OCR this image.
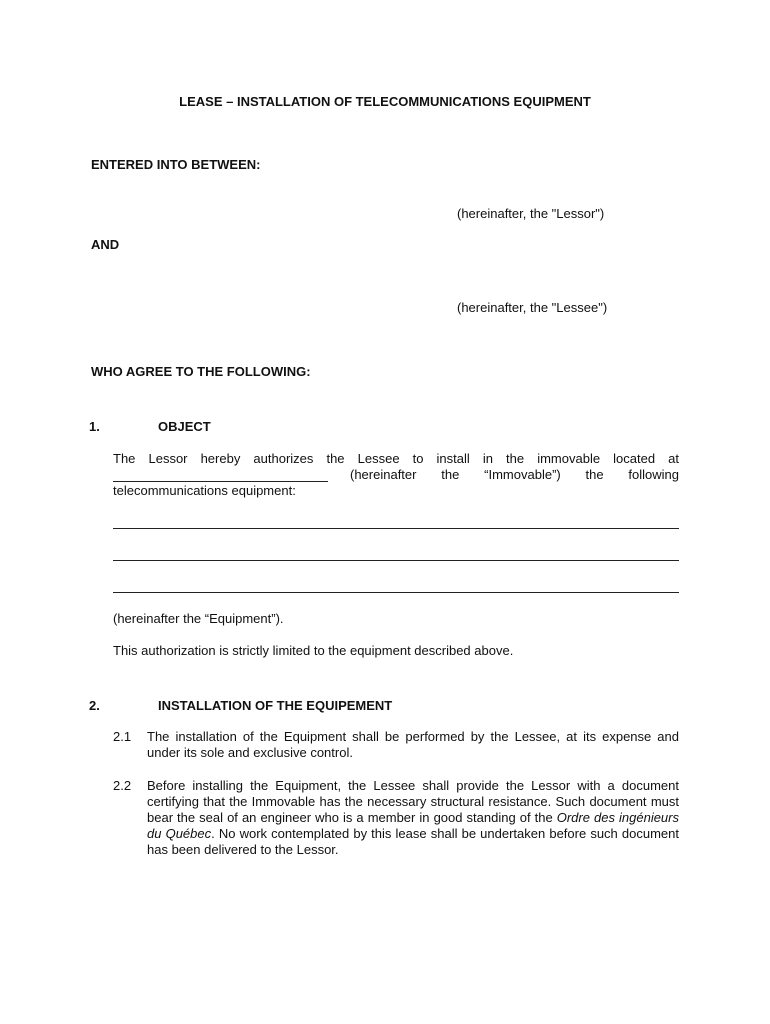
LEASE – INSTALLATION OF TELECOMMUNICATIONS EQUIPMENT
ENTERED INTO BETWEEN:
(hereinafter, the "Lessor")
AND
(hereinafter, the "Lessee")
WHO AGREE TO THE FOLLOWING:
1.	OBJECT
The Lessor hereby authorizes the Lessee to install in the immovable located at
(hereinafter the “Immovable”) the following
telecommunications equipment:
(hereinafter the “Equipment”).
This authorization is strictly limited to the equipment described above.
2.	INSTALLATION OF THE EQUIPEMENT
2.1 The installation of the Equipment shall be performed by the Lessee, at its expense and under its sole and exclusive control.
2.2 Before installing the Equipment, the Lessee shall provide the Lessor with a document certifying that the Immovable has the necessary structural resistance. Such document must bear the seal of an engineer who is a member in good standing of the Ordre des ingénieurs du Québec. No work contemplated by this lease shall be undertaken before such document has been delivered to the Lessor.
